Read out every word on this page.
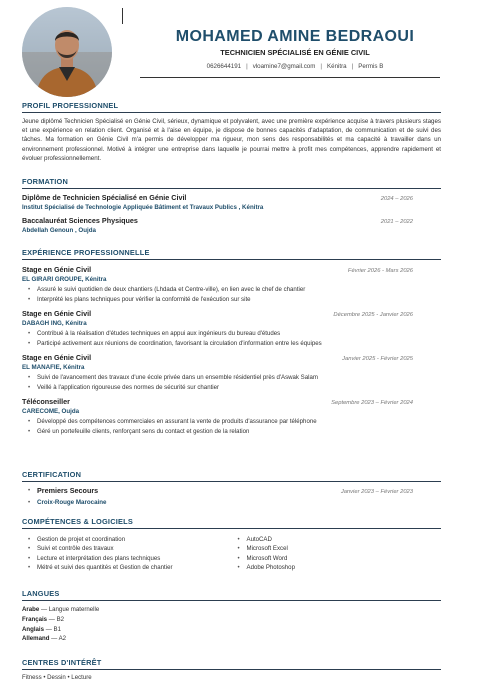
MOHAMED AMINE BEDRAOUI
TECHNICIEN SPÉCIALISÉ EN GÉNIE CIVIL
0626644191 | vloamine7@gmail.com | Kénitra | Permis B
PROFIL PROFESSIONNEL
Jeune diplômé Technicien Spécialisé en Génie Civil, sérieux, dynamique et polyvalent, avec une première expérience acquise à travers plusieurs stages et une expérience en relation client. Organisé et à l'aise en équipe, je dispose de bonnes capacités d'adaptation, de communication et de suivi des tâches. Ma formation en Génie Civil m'a permis de développer ma rigueur, mon sens des responsabilités et ma capacité à travailler dans un environnement professionnel. Motivé à intégrer une entreprise dans laquelle je pourrai mettre à profit mes compétences, apprendre rapidement et évoluer professionnellement.
FORMATION
Diplôme de Technicien Spécialisé en Génie Civil	2024 – 2026
Institut Spécialisé de Technologie Appliquée Bâtiment et Travaux Publics , Kénitra
Baccalauréat Sciences Physiques	2021 – 2022
Abdellah Genoun , Oujda
EXPÉRIENCE PROFESSIONNELLE
Stage en Génie Civil	Février 2026 - Mars 2026
EL GIRARI GROUPE, Kénitra
• Assuré le suivi quotidien de deux chantiers (Lhdada et Centre-ville), en lien avec le chef de chantier
• Interprété les plans techniques pour vérifier la conformité de l'exécution sur site
Stage en Génie Civil	Décembre 2025 - Janvier 2026
DABAGH ING, Kénitra
• Contribué à la réalisation d'études techniques en appui aux ingénieurs du bureau d'études
• Participé activement aux réunions de coordination, favorisant la circulation d'information entre les équipes
Stage en Génie Civil	Janvier 2025 - Février 2025
EL MANAFIE, Kénitra
• Suivi de l'avancement des travaux d'une école privée dans un ensemble résidentiel près d'Aswak Salam
• Veillé à l'application rigoureuse des normes de sécurité sur chantier
Téléconseiller	Septembre 2023 – Février 2024
CARECOME, Oujda
• Développé des compétences commerciales en assurant la vente de produits d'assurance par téléphone
• Géré un portefeuille clients, renforçant sens du contact et gestion de la relation
CERTIFICATION
• Premiers Secours	Janvier 2023 – Février 2023
• Croix-Rouge Marocaine
COMPÉTENCES & LOGICIELS
• Gestion de projet et coordination
• Suivi et contrôle des travaux
• Lecture et interprétation des plans techniques
• Métré et suivi des quantités et Gestion de chantier
• AutoCAD
• Microsoft Excel
• Microsoft Word
• Adobe Photoshop
LANGUES
Arabe — Langue maternelle
Français — B2
Anglais — B1
Allemand — A2
CENTRES D'INTÉRÊT
Fitness • Dessin • Lecture
